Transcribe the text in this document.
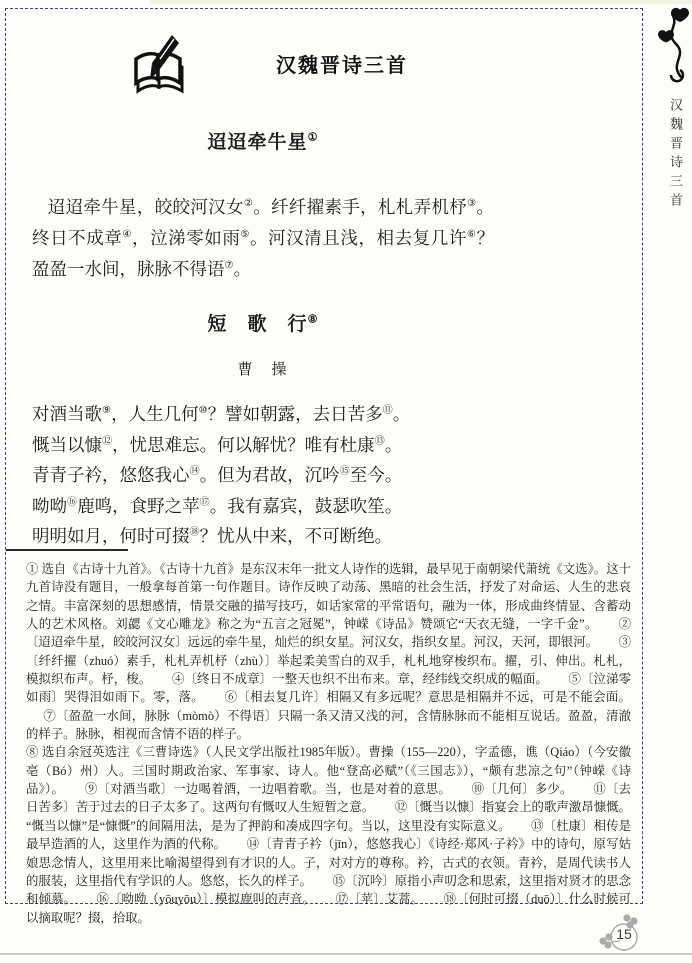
汉魏晋诗三首
迢迢牵牛星①

迢迢牵牛星，皎皎河汉女②。纤纤擢素手，札札弄机杼③。终日不成章④，泣涕零如雨⑤。河汉清且浅，相去复几许⑥？盈盈一水间，脉脉不得语⑦。

短　歌　行⑧
曹　操
对酒当歌⑨，人生几何⑩？譬如朝露，去日苦多⑪。
慨当以慷⑫，忧思难忘。何以解忧？唯有杜康⑬。
青青子衿，悠悠我心⑭。但为君故，沉吟⑮至今。
呦呦⑯鹿鸣，食野之苹⑰。我有嘉宾，鼓瑟吹笙。
明明如月，何时可掇⑱？忧从中来，不可断绝。

① 选自《古诗十九首》。《古诗十九首》是东汉末年一批文人诗作的选辑，最早见于南朝梁代萧统《文选》。这十九首诗没有题目，一般拿每首第一句作题目。诗作反映了动荡、黑暗的社会生活，抒发了对命运、人生的悲哀之情。丰富深刻的思想感情，情景交融的描写技巧，如话家常的平常语句，融为一体，形成曲终情显、含蓄动人的艺术风格。刘勰《文心雕龙》称之为“五言之冠冕”，钟嵘《诗品》赞颂它“天衣无缝，一字千金”。 ②〔迢迢牵牛星，皎皎河汉女〕远远的牵牛星，灿烂的织女星。河汉女，指织女星。河汉，天河，即银河。 ③〔纤纤擢（zhuó）素手，札札弄机杼（zhù）〕举起柔美雪白的双手，札札地穿梭织布。擢，引、伸出。札札，模拟织布声。杼，梭。 ④〔终日不成章〕一整天也织不出布来。章，经纬线交织成的幅面。 ⑤〔泣涕零如雨〕哭得泪如雨下。零，落。 ⑥〔相去复几许〕相隔又有多远呢？意思是相隔并不远，可是不能会面。 ⑦〔盈盈一水间，脉脉（mòmò）不得语〕只隔一条又清又浅的河，含情脉脉而不能相互说话。盈盈，清澈的样子。脉脉，相视而含情不语的样子。

⑧ 选自余冠英选注《三曹诗选》（人民文学出版社1985年版）。曹操（155—220），字孟德，谯（Qiáo）（今安徽亳（Bó）州）人。三国时期政治家、军事家、诗人。他“登高必赋”（《三国志》），“颇有悲凉之句”（钟嵘《诗品》）。 ⑨〔对酒当歌〕一边喝着酒，一边唱着歌。当，也是对着的意思。 ⑩〔几何〕多少。 ⑪〔去日苦多〕苦于过去的日子太多了。这两句有慨叹人生短暂之意。 ⑫〔慨当以慷〕指宴会上的歌声激昂慷慨。“慨当以慷”是“慷慨”的间隔用法，是为了押韵和凑成四字句。当以，这里没有实际意义。 ⑬〔杜康〕相传是最早造酒的人，这里作为酒的代称。 ⑭〔青青子衿（jīn），悠悠我心〕《诗经·郑风·子衿》中的诗句，原写姑娘思念情人，这里用来比喻渴望得到有才识的人。子，对对方的尊称。衿，古式的衣领。青衿，是周代读书人的服装，这里指代有学识的人。悠悠，长久的样子。 ⑮〔沉吟〕原指小声叨念和思索，这里指对贤才的思念和倾慕。 ⑯〔呦呦（yōuyōu）〕模拟鹿叫的声音。 ⑰〔苹〕艾蒿。 ⑱〔何时可掇（duō）〕什么时候可以摘取呢？掇，拾取。

汉魏晋诗三首
15
